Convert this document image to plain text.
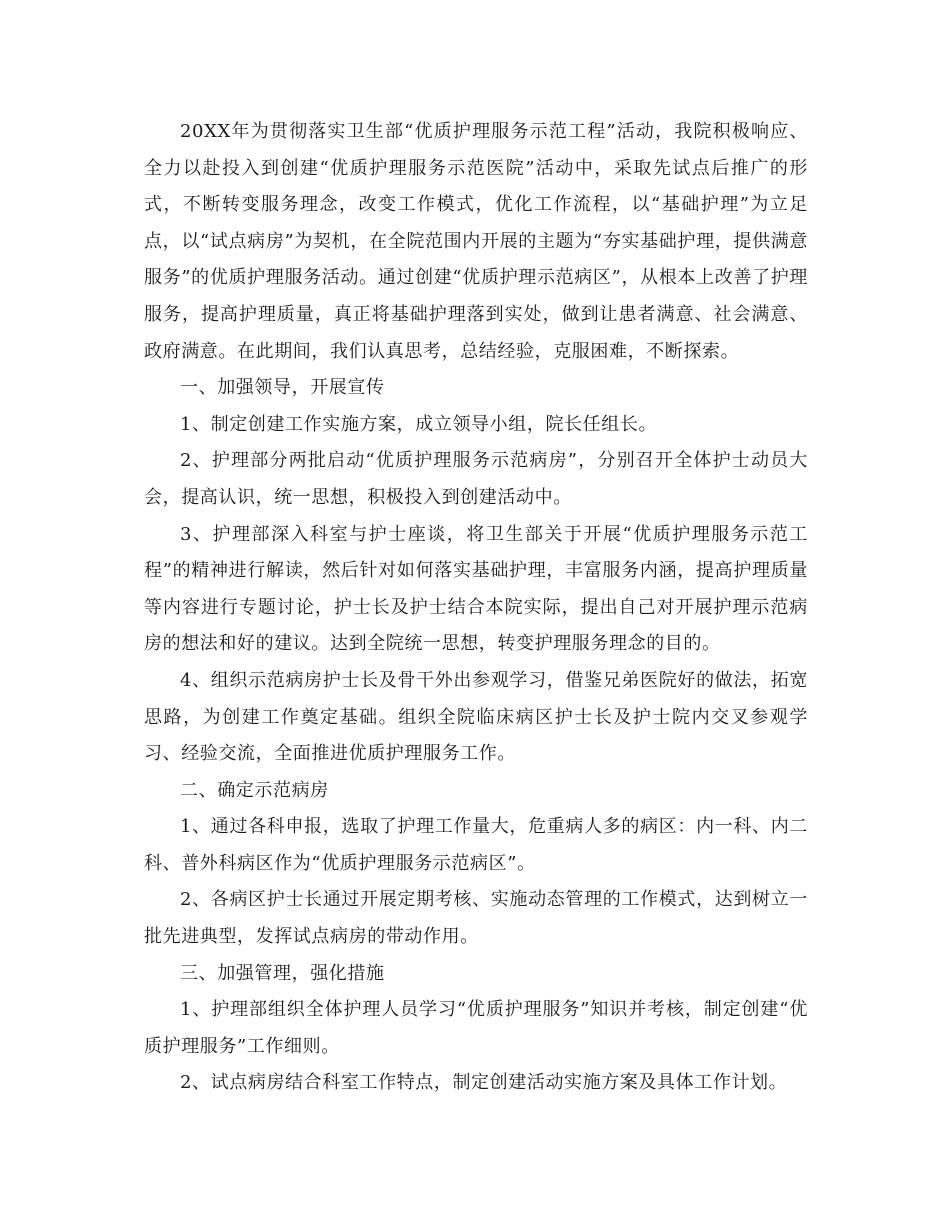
20XX年为贯彻落实卫生部“优质护理服务示范工程”活动，我院积极响应、全力以赴投入到创建“优质护理服务示范医院”活动中，采取先试点后推广的形式，不断转变服务理念，改变工作模式，优化工作流程，以“基础护理”为立足点，以“试点病房”为契机，在全院范围内开展的主题为“夯实基础护理，提供满意服务”的优质护理服务活动。通过创建“优质护理示范病区”，从根本上改善了护理服务，提高护理质量，真正将基础护理落到实处，做到让患者满意、社会满意、政府满意。在此期间，我们认真思考，总结经验，克服困难，不断探索。

一、加强领导，开展宣传

1、制定创建工作实施方案，成立领导小组，院长任组长。

2、护理部分两批启动“优质护理服务示范病房”，分别召开全体护士动员大会，提高认识，统一思想，积极投入到创建活动中。

3、护理部深入科室与护士座谈，将卫生部关于开展“优质护理服务示范工程”的精神进行解读，然后针对如何落实基础护理，丰富服务内涵，提高护理质量等内容进行专题讨论，护士长及护士结合本院实际，提出自己对开展护理示范病房的想法和好的建议。达到全院统一思想，转变护理服务理念的目的。

4、组织示范病房护士长及骨干外出参观学习，借鉴兄弟医院好的做法，拓宽思路，为创建工作奠定基础。组织全院临床病区护士长及护士院内交叉参观学习、经验交流，全面推进优质护理服务工作。

二、确定示范病房

1、通过各科申报，选取了护理工作量大，危重病人多的病区：内一科、内二科、普外科病区作为“优质护理服务示范病区”。

2、各病区护士长通过开展定期考核、实施动态管理的工作模式，达到树立一批先进典型，发挥试点病房的带动作用。

三、加强管理，强化措施

1、护理部组织全体护理人员学习“优质护理服务”知识并考核，制定创建“优质护理服务”工作细则。

2、试点病房结合科室工作特点，制定创建活动实施方案及具体工作计划。
